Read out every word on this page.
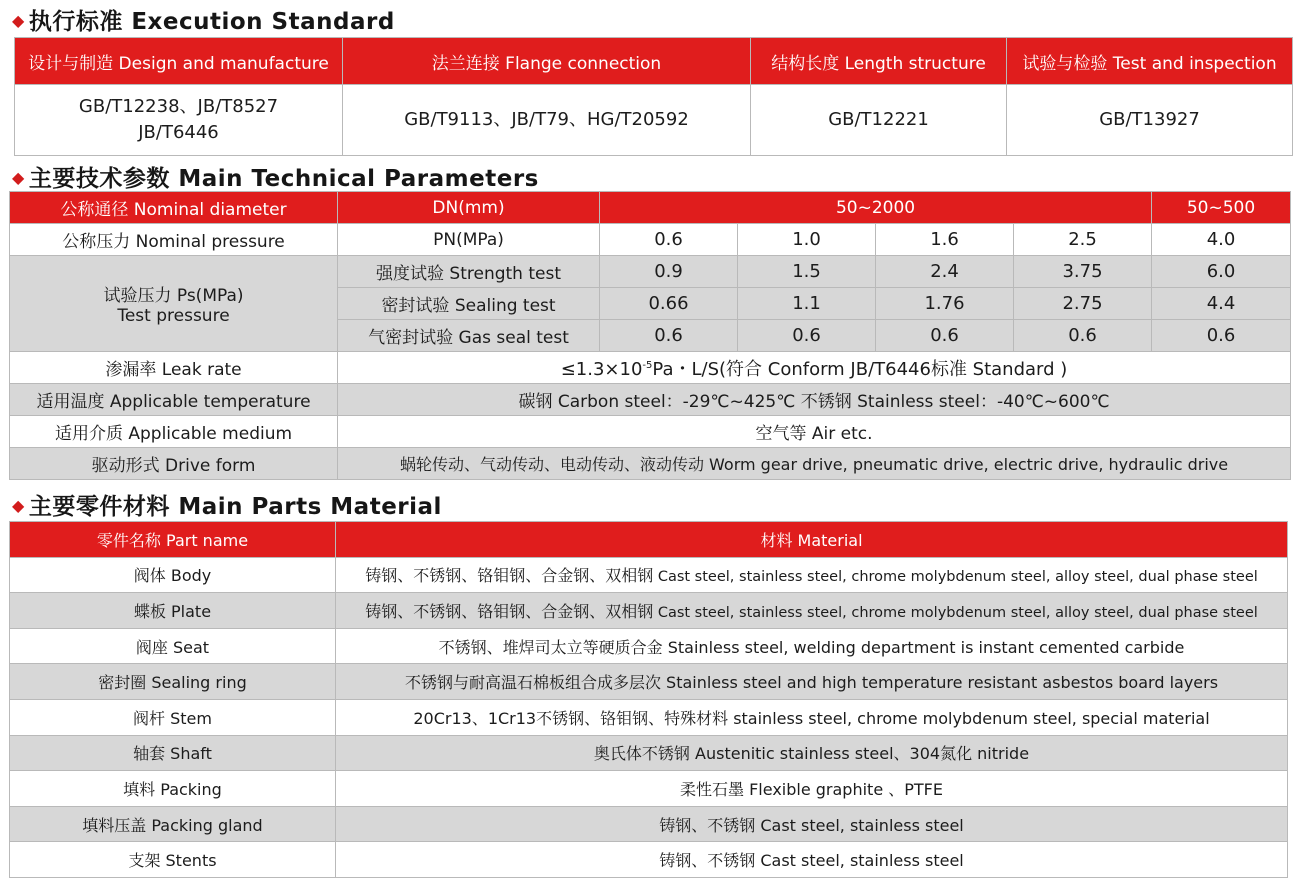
◆ 执行标准 Execution Standard
设计与制造 Design and manufacture	法兰连接 Flange connection	结构长度 Length structure	试验与检验 Test and inspection

GB/T12238、JB/T8527
JB/T6446	GB/T9113、JB/T79、HG/T20592	GB/T12221	GB/T13927
◆ 主要技术参数 Main Technical Parameters
公称通径 Nominal diameter	DN(mm)	50~2000				50~500
公称压力 Nominal pressure	PN(MPa)	0.6	1.0	1.6	2.5	4.0

试验压力 Ps(MPa)
Test pressure	强度试验 Strength test	0.9	1.5	2.4	3.75	6.0
	密封试验 Sealing test	0.66	1.1	1.76	2.75	4.4
	气密封试验 Gas seal test	0.6	0.6	0.6	0.6	0.6
渗漏率 Leak rate	$\le 1.3\times 10^{-5}Pa$・L/S(符合 Conform JB/T6446标准 Standard )					
适用温度 Applicable temperature	碳钢 Carbon steel：-29℃~425℃ 不锈钢 Stainless steel：-40℃~600℃					
适用介质 Applicable medium	空气等 Air etc.					
驱动形式 Drive form	蜗轮传动、气动传动、电动传动、液动传动 Worm gear drive, pneumatic drive, electric drive, hydraulic drive					
◆ 主要零件材料 Main Parts Material
零件名称 Part name	材料 Material
阀体 Body	铸钢、不锈钢、铬钼钢、合金钢、双相钢 Cast steel, stainless steel, chrome molybdenum steel, alloy steel, dual phase steel
蝶板 Plate	铸钢、不锈钢、铬钼钢、合金钢、双相钢 Cast steel, stainless steel, chrome molybdenum steel, alloy steel, dual phase steel
阀座 Seat	不锈钢、堆焊司太立等硬质合金 Stainless steel, welding department is instant cemented carbide
密封圈 Sealing ring	不锈钢与耐高温石棉板组合成多层次 Stainless steel and high temperature resistant asbestos board layers
阀杆 Stem	20Cr13、1Cr13不锈钢、铬钼钢、特殊材料 stainless steel, chrome molybdenum steel, special material
轴套 Shaft	奥氏体不锈钢 Austenitic stainless steel、304氮化 nitride
填料 Packing	柔性石墨 Flexible graphite 、PTFE
填料压盖 Packing gland	铸钢、不锈钢 Cast steel, stainless steel
支架 Stents	铸钢、不锈钢 Cast steel, stainless steel
